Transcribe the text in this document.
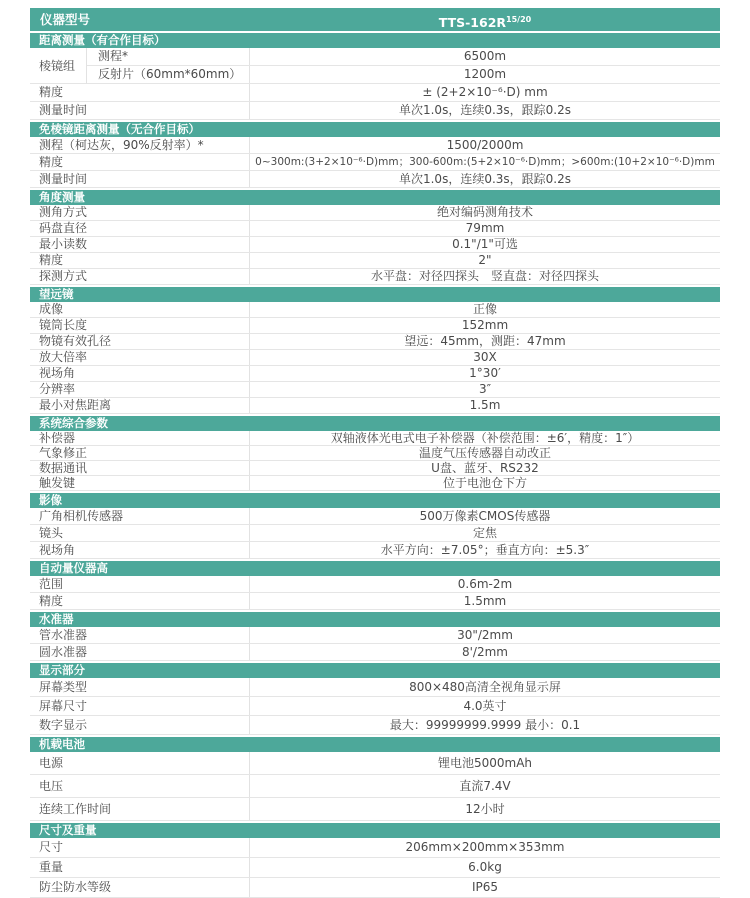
仪器型号	TTS-$162R^{15/20}$
距离测量（有合作目标）
棱镜组
测程*	6500m
反射片（60mm*60mm）	1200m
精度	± (2+2×10⁻⁶·D) mm
测量时间	单次1.0s，连续0.3s，跟踪0.2s
免棱镜距离测量（无合作目标）
测程（柯达灰，90%反射率）*	1500/2000m
精度	0~300m:(3+2×10⁻⁶·D)mm；300-600m:(5+2×10⁻⁶·D)mm；>600m:(10+2×10⁻⁶·D)mm
测量时间	单次1.0s，连续0.3s，跟踪0.2s
角度测量
测角方式	绝对编码测角技术
码盘直径	79mm
最小读数	0.1"/1"可选
精度	2"
探测方式	水平盘：对径四探头　竖直盘：对径四探头
望远镜
成像	正像
镜筒长度	152mm
物镜有效孔径	望远：45mm，测距：47mm
放大倍率	30X
视场角	1°30′
分辨率	3″
最小对焦距离	1.5m
系统综合参数
补偿器	双轴液体光电式电子补偿器（补偿范围：±6′，精度：1″）
气象修正	温度气压传感器自动改正
数据通讯	U盘、蓝牙、RS232
触发键	位于电池仓下方
影像
广角相机传感器	500万像素CMOS传感器
镜头	定焦
视场角	水平方向：±7.05°；垂直方向：±5.3″
自动量仪器高
范围	0.6m-2m
精度	1.5mm
水准器
管水准器	30"/2mm
圆水准器	8'/2mm
显示部分
屏幕类型	800×480高清全视角显示屏
屏幕尺寸	4.0英寸
数字显示	最大：99999999.9999 最小：0.1
机载电池
电源	锂电池5000mAh
电压	直流7.4V
连续工作时间	12小时
尺寸及重量
尺寸	206mm×200mm×353mm
重量	6.0kg
防尘防水等级	IP65
